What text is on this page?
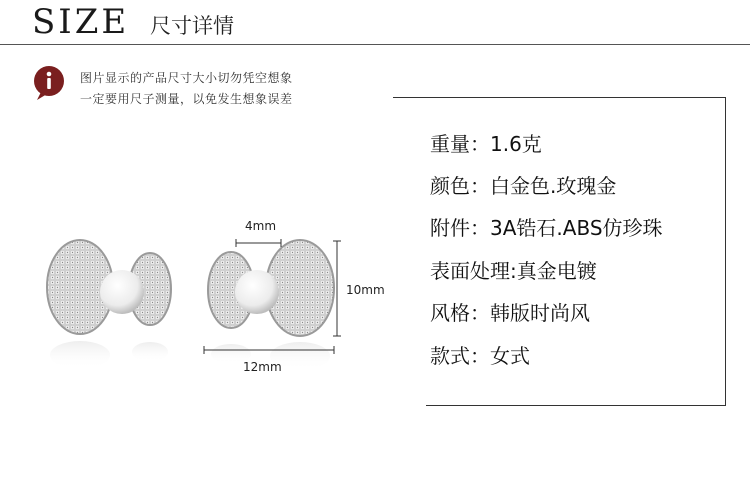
SIZE 尺寸详情
图片显示的产品尺寸大小切勿凭空想象
一定要用尺子测量，以免发生想象误差
4mm
10mm
12mm
重量：1.6克
颜色：白金色.玫瑰金
附件：3A锆石.ABS仿珍珠
表面处理:真金电镀
风格：韩版时尚风
款式：女式
